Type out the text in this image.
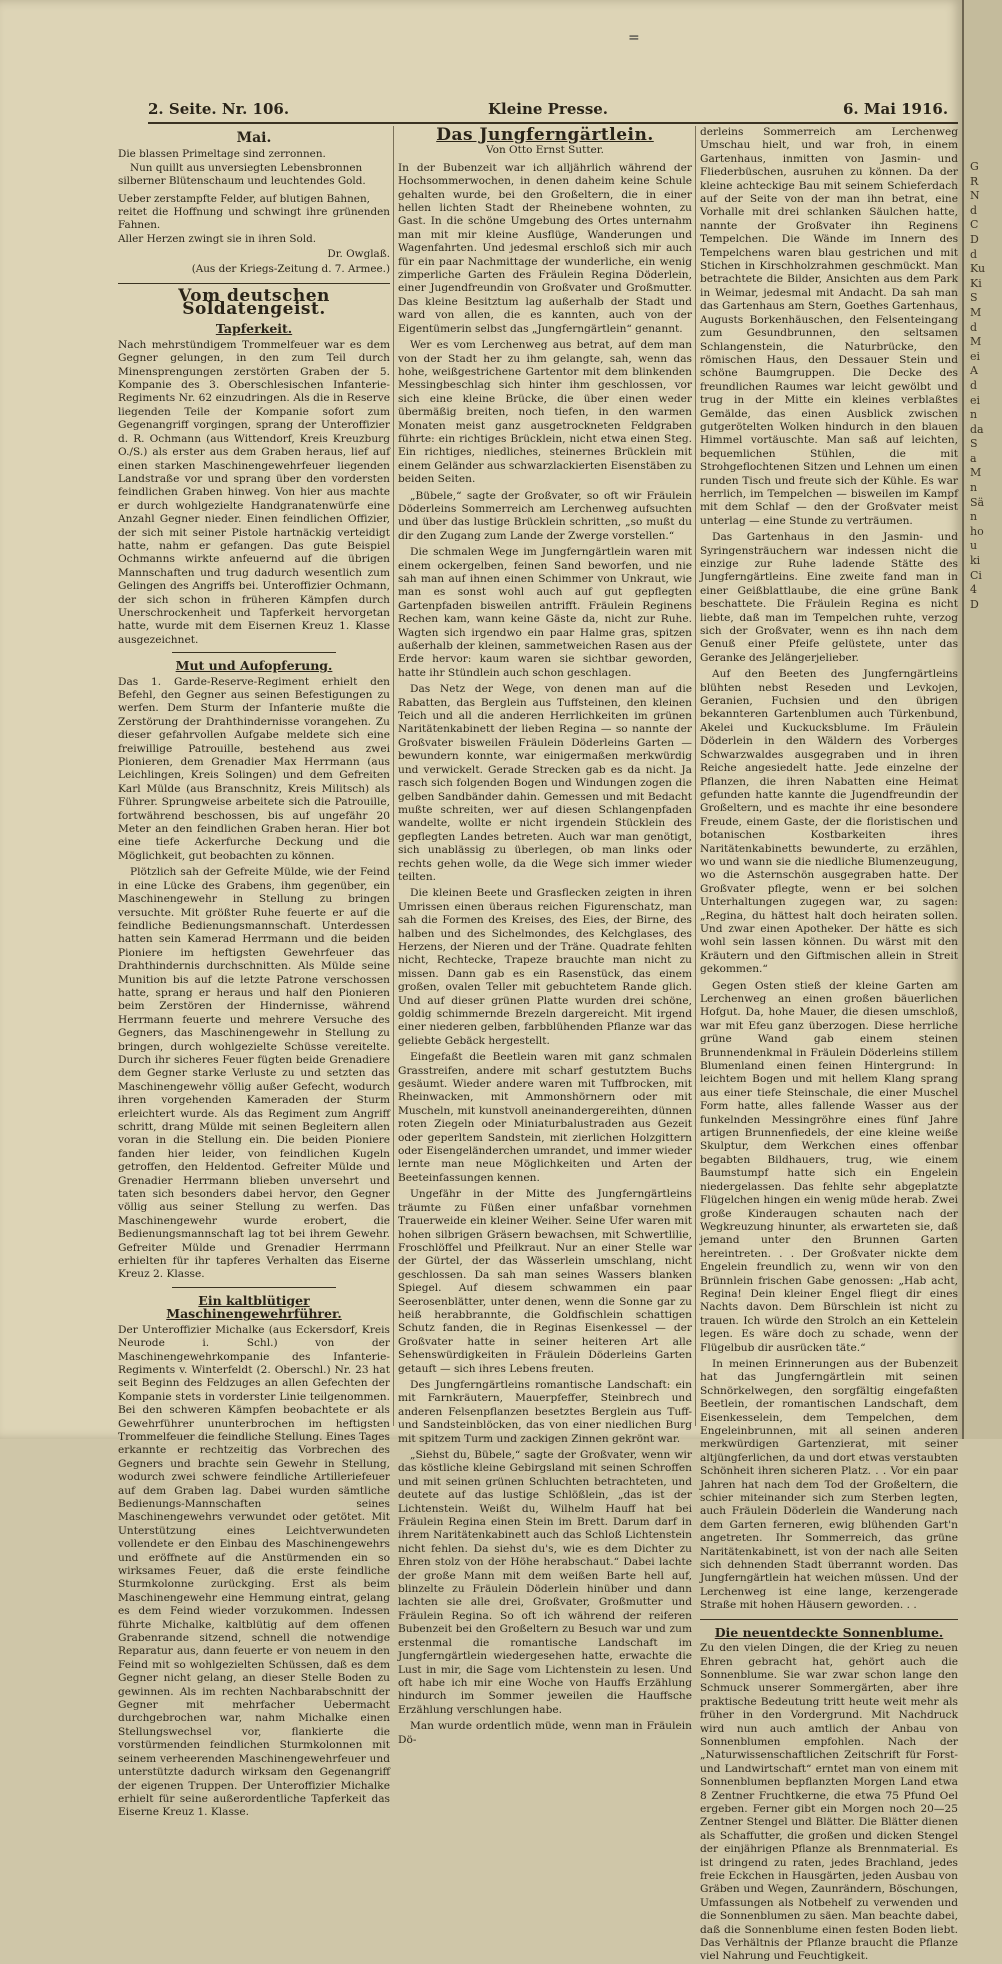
=
2. Seite. Nr. 106.	Kleine Presse.	6. Mai 1916.
Mai.

Die blassen Primeltage sind zerronnen.

Nun quillt aus unversiegten Lebensbronnen

silberner Blütenschaum und leuchtendes Gold.

Ueber zerstampfte Felder, auf blutigen Bahnen,

reitet die Hoffnung und schwingt ihre grünenden Fahnen.

Aller Herzen zwingt sie in ihren Sold.

Dr. Owglaß.
(Aus der Kriegs-Zeitung d. 7. Armee.)
Vom deutschen Soldatengeist.
Tapferkeit.

Nach mehrstündigem Trommelfeuer war es dem Gegner gelungen, in den zum Teil durch Minensprengungen zerstörten Graben der 5. Kompanie des 3. Oberschlesischen Infanterie-Regiments Nr. 62 einzudringen. Als die in Reserve liegenden Teile der Kompanie sofort zum Gegenangriff vorgingen, sprang der Unteroffizier d. R. Ochmann (aus Wittendorf, Kreis Kreuzburg O./S.) als erster aus dem Graben heraus, lief auf einen starken Maschinengewehrfeuer liegenden Landstraße vor und sprang über den vordersten feindlichen Graben hinweg. Von hier aus machte er durch wohlgezielte Handgranatenwürfe eine Anzahl Gegner nieder. Einen feindlichen Offizier, der sich mit seiner Pistole hartnäckig verteidigt hatte, nahm er gefangen. Das gute Beispiel Ochmanns wirkte anfeuernd auf die übrigen Mannschaften und trug dadurch wesentlich zum Gelingen des Angriffs bei. Unteroffizier Ochmann, der sich schon in früheren Kämpfen durch Unerschrockenheit und Tapferkeit hervorgetan hatte, wurde mit dem Eisernen Kreuz 1. Klasse ausgezeichnet.

Mut und Aufopferung.

Das 1. Garde-Reserve-Regiment erhielt den Befehl, den Gegner aus seinen Befestigungen zu werfen. Dem Sturm der Infanterie mußte die Zerstörung der Drahthindernisse vorangehen. Zu dieser gefahrvollen Aufgabe meldete sich eine freiwillige Patrouille, bestehend aus zwei Pionieren, dem Grenadier Max Herrmann (aus Leichlingen, Kreis Solingen) und dem Gefreiten Karl Mülde (aus Branschnitz, Kreis Militsch) als Führer. Sprungweise arbeitete sich die Patrouille, fortwährend beschossen, bis auf ungefähr 20 Meter an den feindlichen Graben heran. Hier bot eine tiefe Ackerfurche Deckung und die Möglichkeit, gut beobachten zu können.

Plötzlich sah der Gefreite Mülde, wie der Feind in eine Lücke des Grabens, ihm gegenüber, ein Maschinengewehr in Stellung zu bringen versuchte. Mit größter Ruhe feuerte er auf die feindliche Bedienungsmannschaft. Unterdessen hatten sein Kamerad Herrmann und die beiden Pioniere im heftigsten Gewehrfeuer das Drahthindernis durchschnitten. Als Mülde seine Munition bis auf die letzte Patrone verschossen hatte, sprang er heraus und half den Pionieren beim Zerstören der Hindernisse, während Herrmann feuerte und mehrere Versuche des Gegners, das Maschinengewehr in Stellung zu bringen, durch wohlgezielte Schüsse vereitelte. Durch ihr sicheres Feuer fügten beide Grenadiere dem Gegner starke Verluste zu und setzten das Maschinengewehr völlig außer Gefecht, wodurch ihren vorgehenden Kameraden der Sturm erleichtert wurde. Als das Regiment zum Angriff schritt, drang Mülde mit seinen Begleitern allen voran in die Stellung ein. Die beiden Pioniere fanden hier leider, von feindlichen Kugeln getroffen, den Heldentod. Gefreiter Mülde und Grenadier Herrmann blieben unversehrt und taten sich besonders dabei hervor, den Gegner völlig aus seiner Stellung zu werfen. Das Maschinengewehr wurde erobert, die Bedienungsmannschaft lag tot bei ihrem Gewehr. Gefreiter Mülde und Grenadier Herrmann erhielten für ihr tapferes Verhalten das Eiserne Kreuz 2. Klasse.

Ein kaltblütiger Maschinengewehrführer.

Der Unteroffizier Michalke (aus Eckersdorf, Kreis Neurode i. Schl.) von der Maschinengewehrkompanie des Infanterie-Regiments v. Winterfeldt (2. Oberschl.) Nr. 23 hat seit Beginn des Feldzuges an allen Gefechten der Kompanie stets in vorderster Linie teilgenommen. Bei den schweren Kämpfen beobachtete er als Gewehrführer ununterbrochen im heftigsten Trommelfeuer die feindliche Stellung. Eines Tages erkannte er rechtzeitig das Vorbrechen des Gegners und brachte sein Gewehr in Stellung, wodurch zwei schwere feindliche Artilleriefeuer auf dem Graben lag. Dabei wurden sämtliche Bedienungs-Mannschaften seines Maschinengewehrs verwundet oder getötet. Mit Unterstützung eines Leichtverwundeten vollendete er den Einbau des Maschinengewehrs und eröffnete auf die Anstürmenden ein so wirksames Feuer, daß die erste feindliche Sturmkolonne zurückging. Erst als beim Maschinengewehr eine Hemmung eintrat, gelang es dem Feind wieder vorzukommen. Indessen führte Michalke, kaltblütig auf dem offenen Grabenrande sitzend, schnell die notwendige Reparatur aus, dann feuerte er von neuem in den Feind mit so wohlgezielten Schüssen, daß es dem Gegner nicht gelang, an dieser Stelle Boden zu gewinnen. Als im rechten Nachbarabschnitt der Gegner mit mehrfacher Uebermacht durchgebrochen war, nahm Michalke einen Stellungswechsel vor, flankierte die vorstürmenden feindlichen Sturmkolonnen mit seinem verheerenden Maschinengewehrfeuer und unterstützte dadurch wirksam den Gegenangriff der eigenen Truppen. Der Unteroffizier Michalke erhielt für seine außerordentliche Tapferkeit das Eiserne Kreuz 1. Klasse.

Das Jungferngärtlein.
Von Otto Ernst Sutter.

In der Bubenzeit war ich alljährlich während der Hochsommerwochen, in denen daheim keine Schule gehalten wurde, bei den Großeltern, die in einer hellen lichten Stadt der Rheinebene wohnten, zu Gast. In die schöne Umgebung des Ortes unternahm man mit mir kleine Ausflüge, Wanderungen und Wagenfahrten. Und jedesmal erschloß sich mir auch für ein paar Nachmittage der wunderliche, ein wenig zimperliche Garten des Fräulein Regina Döderlein, einer Jugendfreundin von Großvater und Großmutter. Das kleine Besitztum lag außerhalb der Stadt und ward von allen, die es kannten, auch von der Eigentümerin selbst das „Jungferngärtlein“ genannt.

Wer es vom Lerchenweg aus betrat, auf dem man von der Stadt her zu ihm gelangte, sah, wenn das hohe, weißgestrichene Gartentor mit dem blinkenden Messingbeschlag sich hinter ihm geschlossen, vor sich eine kleine Brücke, die über einen weder übermäßig breiten, noch tiefen, in den warmen Monaten meist ganz ausgetrockneten Feldgraben führte: ein richtiges Brücklein, nicht etwa einen Steg. Ein richtiges, niedliches, steinernes Brücklein mit einem Geländer aus schwarzlackierten Eisenstäben zu beiden Seiten.

„Bübele,“ sagte der Großvater, so oft wir Fräulein Döderleins Sommerreich am Lerchenweg aufsuchten und über das lustige Brücklein schritten, „so mußt du dir den Zugang zum Lande der Zwerge vorstellen.“

Die schmalen Wege im Jungferngärtlein waren mit einem ockergelben, feinen Sand beworfen, und nie sah man auf ihnen einen Schimmer von Unkraut, wie man es sonst wohl auch auf gut gepflegten Gartenpfaden bisweilen antrifft. Fräulein Reginens Rechen kam, wann keine Gäste da, nicht zur Ruhe. Wagten sich irgendwo ein paar Halme gras, spitzen außerhalb der kleinen, sammetweichen Rasen aus der Erde hervor: kaum waren sie sichtbar geworden, hatte ihr Stündlein auch schon geschlagen.

Das Netz der Wege, von denen man auf die Rabatten, das Berglein aus Tuffsteinen, den kleinen Teich und all die anderen Herrlichkeiten im grünen Naritätenkabinett der lieben Regina — so nannte der Großvater bisweilen Fräulein Döderleins Garten — bewundern konnte, war einigermaßen merkwürdig und verwickelt. Gerade Strecken gab es da nicht. Ja rasch sich folgenden Bogen und Windungen zogen die gelben Sandbänder dahin. Gemessen und mit Bedacht mußte schreiten, wer auf diesen Schlangenpfaden wandelte, wollte er nicht irgendein Stücklein des gepflegten Landes betreten. Auch war man genötigt, sich unablässig zu überlegen, ob man links oder rechts gehen wolle, da die Wege sich immer wieder teilten.

Die kleinen Beete und Grasflecken zeigten in ihren Umrissen einen überaus reichen Figurenschatz, man sah die Formen des Kreises, des Eies, der Birne, des halben und des Sichelmondes, des Kelchglases, des Herzens, der Nieren und der Träne. Quadrate fehlten nicht, Rechtecke, Trapeze brauchte man nicht zu missen. Dann gab es ein Rasenstück, das einem großen, ovalen Teller mit gebuchtetem Rande glich. Und auf dieser grünen Platte wurden drei schöne, goldig schimmernde Brezeln dargereicht. Mit irgend einer niederen gelben, farbblühenden Pflanze war das geliebte Gebäck hergestellt.

Eingefaßt die Beetlein waren mit ganz schmalen Grasstreifen, andere mit scharf gestutztem Buchs gesäumt. Wieder andere waren mit Tuffbrocken, mit Rheinwacken, mit Ammonshörnern oder mit Muscheln, mit kunstvoll aneinandergereihten, dünnen roten Ziegeln oder Miniaturbalustraden aus Gezeit oder geperltem Sandstein, mit zierlichen Holzgittern oder Eisengeländerchen umrandet, und immer wieder lernte man neue Möglichkeiten und Arten der Beeteinfassungen kennen.

Ungefähr in der Mitte des Jungferngärtleins träumte zu Füßen einer unfaßbar vornehmen Trauerweide ein kleiner Weiher. Seine Ufer waren mit hohen silbrigen Gräsern bewachsen, mit Schwertlilie, Froschlöffel und Pfeilkraut. Nur an einer Stelle war der Gürtel, der das Wässerlein umschlang, nicht geschlossen. Da sah man seines Wassers blanken Spiegel. Auf diesem schwammen ein paar Seerosenblätter, unter denen, wenn die Sonne gar zu heiß herabbrannte, die Goldfischlein schattigen Schutz fanden, die in Reginas Eisenkessel — der Großvater hatte in seiner heiteren Art alle Sehenswürdigkeiten in Fräulein Döderleins Garten getauft — sich ihres Lebens freuten.

Des Jungferngärtleins romantische Landschaft: ein mit Farnkräutern, Mauerpfeffer, Steinbrech und anderen Felsenpflanzen besetztes Berglein aus Tuff- und Sandsteinblöcken, das von einer niedlichen Burg mit spitzem Turm und zackigen Zinnen gekrönt war.

„Siehst du, Bübele,“ sagte der Großvater, wenn wir das köstliche kleine Gebirgsland mit seinen Schroffen und mit seinen grünen Schluchten betrachteten, und deutete auf das lustige Schlößlein, „das ist der Lichtenstein. Weißt du, Wilhelm Hauff hat bei Fräulein Regina einen Stein im Brett. Darum darf in ihrem Naritätenkabinett auch das Schloß Lichtenstein nicht fehlen. Da siehst du's, wie es dem Dichter zu Ehren stolz von der Höhe herabschaut.“ Dabei lachte der große Mann mit dem weißen Barte hell auf, blinzelte zu Fräulein Döderlein hinüber und dann lachten sie alle drei, Großvater, Großmutter und Fräulein Regina. So oft ich während der reiferen Bubenzeit bei den Großeltern zu Besuch war und zum erstenmal die romantische Landschaft im Jungferngärtlein wiedergesehen hatte, erwachte die Lust in mir, die Sage vom Lichtenstein zu lesen. Und oft habe ich mir eine Woche von Hauffs Erzählung hindurch im Sommer jeweilen die Hauffsche Erzählung verschlungen habe.

Man wurde ordentlich müde, wenn man in Fräulein Dö-

derleins Sommerreich am Lerchenweg Umschau hielt, und war froh, in einem Gartenhaus, inmitten von Jasmin- und Fliederbüschen, ausruhen zu können. Da der kleine achteckige Bau mit seinem Schieferdach auf der Seite von der man ihn betrat, eine Vorhalle mit drei schlanken Säulchen hatte, nannte der Großvater ihn Reginens Tempelchen. Die Wände im Innern des Tempelchens waren blau gestrichen und mit Stichen in Kirschholzrahmen geschmückt. Man betrachtete die Bilder, Ansichten aus dem Park in Weimar, jedesmal mit Andacht. Da sah man das Gartenhaus am Stern, Goethes Gartenhaus, Augusts Borkenhäuschen, den Felsenteingang zum Gesundbrunnen, den seltsamen Schlangenstein, die Naturbrücke, den römischen Haus, den Dessauer Stein und schöne Baumgruppen. Die Decke des freundlichen Raumes war leicht gewölbt und trug in der Mitte ein kleines verblaßtes Gemälde, das einen Ausblick zwischen gutgerötelten Wolken hindurch in den blauen Himmel vortäuschte. Man saß auf leichten, bequemlichen Stühlen, die mit Strohgeflochtenen Sitzen und Lehnen um einen runden Tisch und freute sich der Kühle. Es war herrlich, im Tempelchen — bisweilen im Kampf mit dem Schlaf — den der Großvater meist unterlag — eine Stunde zu verträumen.

Das Gartenhaus in den Jasmin- und Syringensträuchern war indessen nicht die einzige zur Ruhe ladende Stätte des Jungferngärtleins. Eine zweite fand man in einer Geißblattlaube, die eine grüne Bank beschattete. Die Fräulein Regina es nicht liebte, daß man im Tempelchen ruhte, verzog sich der Großvater, wenn es ihn nach dem Genuß einer Pfeife gelüstete, unter das Geranke des Jelängerjelieber.

Auf den Beeten des Jungferngärtleins blühten nebst Reseden und Levkojen, Geranien, Fuchsien und den übrigen bekannteren Gartenblumen auch Türkenbund, Akelei und Kuckucksblume. Im Fräulein Döderlein in den Wäldern des Vorberges Schwarzwaldes ausgegraben und in ihren Reiche angesiedelt hatte. Jede einzelne der Pflanzen, die ihren Nabatten eine Heimat gefunden hatte kannte die Jugendfreundin der Großeltern, und es machte ihr eine besondere Freude, einem Gaste, der die floristischen und botanischen Kostbarkeiten ihres Naritätenkabinetts bewunderte, zu erzählen, wo und wann sie die niedliche Blumenzeugung, wo die Asternschön ausgegraben hatte. Der Großvater pflegte, wenn er bei solchen Unterhaltungen zugegen war, zu sagen: „Regina, du hättest halt doch heiraten sollen. Und zwar einen Apotheker. Der hätte es sich wohl sein lassen können. Du wärst mit den Kräutern und den Giftmischen allein in Streit gekommen.“

Gegen Osten stieß der kleine Garten am Lerchenweg an einen großen bäuerlichen Hofgut. Da, hohe Mauer, die diesen umschloß, war mit Efeu ganz überzogen. Diese herrliche grüne Wand gab einem steinen Brunnendenkmal in Fräulein Döderleins stillem Blumenland einen feinen Hintergrund: In leichtem Bogen und mit hellem Klang sprang aus einer tiefe Steinschale, die einer Muschel Form hatte, alles fallende Wasser aus der funkelnden Messingröhre eines fünf Jahre artigen Brunnenfiedels, der eine kleine weiße Skulptur, dem Werkchen eines offenbar begabten Bildhauers, trug, wie einem Baumstumpf hatte sich ein Engelein niedergelassen. Das fehlte sehr abgeplatzte Flügelchen hingen ein wenig müde herab. Zwei große Kinderaugen schauten nach der Wegkreuzung hinunter, als erwarteten sie, daß jemand unter den Brunnen Garten hereintreten. . . Der Großvater nickte dem Engelein freundlich zu, wenn wir von den Brünnlein frischen Gabe genossen: „Hab acht, Regina! Dein kleiner Engel fliegt dir eines Nachts davon. Dem Bürschlein ist nicht zu trauen. Ich würde den Strolch an ein Kettelein legen. Es wäre doch zu schade, wenn der Flügelbub dir ausrücken täte.“

In meinen Erinnerungen aus der Bubenzeit hat das Jungferngärtlein mit seinen Schnörkelwegen, den sorgfältig eingefaßten Beetlein, der romantischen Landschaft, dem Eisenkesselein, dem Tempelchen, dem Engeleinbrunnen, mit all seinen anderen merkwürdigen Gartenzierat, mit seiner altjüngferlichen, da und dort etwas verstaubten Schönheit ihren sicheren Platz. . . Vor ein paar Jahren hat nach dem Tod der Großeltern, die schier miteinander sich zum Sterben legten, auch Fräulein Döderlein die Wanderung nach dem Garten ferneren, ewig blühenden Gart'n angetreten. Ihr Sommerreich, das grüne Naritätenkabinett, ist von der nach alle Seiten sich dehnenden Stadt überrannt worden. Das Jungferngärtlein hat weichen müssen. Und der Lerchenweg ist eine lange, kerzengerade Straße mit hohen Häusern geworden. . .

Die neuentdeckte Sonnenblume.

Zu den vielen Dingen, die der Krieg zu neuen Ehren gebracht hat, gehört auch die Sonnenblume. Sie war zwar schon lange den Schmuck unserer Sommergärten, aber ihre praktische Bedeutung tritt heute weit mehr als früher in den Vordergrund. Mit Nachdruck wird nun auch amtlich der Anbau von Sonnenblumen empfohlen. Nach der „Naturwissenschaftlichen Zeitschrift für Forst- und Landwirtschaft“ erntet man von einem mit Sonnenblumen bepflanzten Morgen Land etwa 8 Zentner Fruchtkerne, die etwa 75 Pfund Oel ergeben. Ferner gibt ein Morgen noch 20—25 Zentner Stengel und Blätter. Die Blätter dienen als Schaffutter, die großen und dicken Stengel der einjährigen Pflanze als Brennmaterial. Es ist dringend zu raten, jedes Brachland, jedes freie Eckchen in Hausgärten, jeden Ausbau von Gräben und Wegen, Zaunrändern, Böschungen, Umfassungen als Notbehelf zu verwenden und die Sonnenblumen zu säen. Man beachte dabei, daß die Sonnenblume einen festen Boden liebt. Das Verhältnis der Pflanze braucht die Pflanze viel Nahrung und Feuchtigkeit.

G
R
N
d
C
D
d
Ku
Ki
S
M
d
M
ei
A
d
ei
n
da
S
a
M
n
Sä
n
ho
u
ki
Ci
4
D
